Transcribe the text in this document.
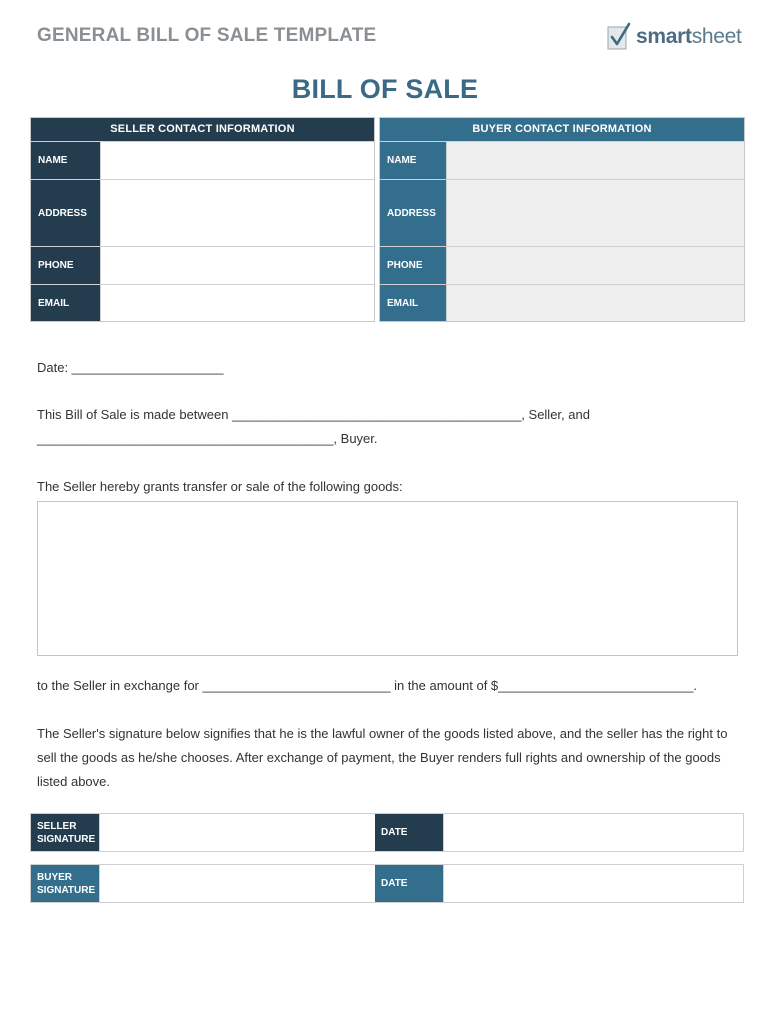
GENERAL BILL OF SALE TEMPLATE	smartsheet
BILL OF SALE
SELLER CONTACT INFORMATION
NAME
ADDRESS
PHONE
EMAIL
BUYER CONTACT INFORMATION
NAME
ADDRESS
PHONE
EMAIL
Date: _____________________
This Bill of Sale is made between ________________________________________, Seller, and
_________________________________________, Buyer.
The Seller hereby grants transfer or sale of the following goods:
to the Seller in exchange for __________________________ in the amount of $___________________________.
The Seller's signature below signifies that he is the lawful owner of the goods listed above, and the seller has the right to sell the goods as he/she chooses. After exchange of payment, the Buyer renders full rights and ownership of the goods listed above.
SELLER
SIGNATURE
DATE
BUYER
SIGNATURE
DATE
